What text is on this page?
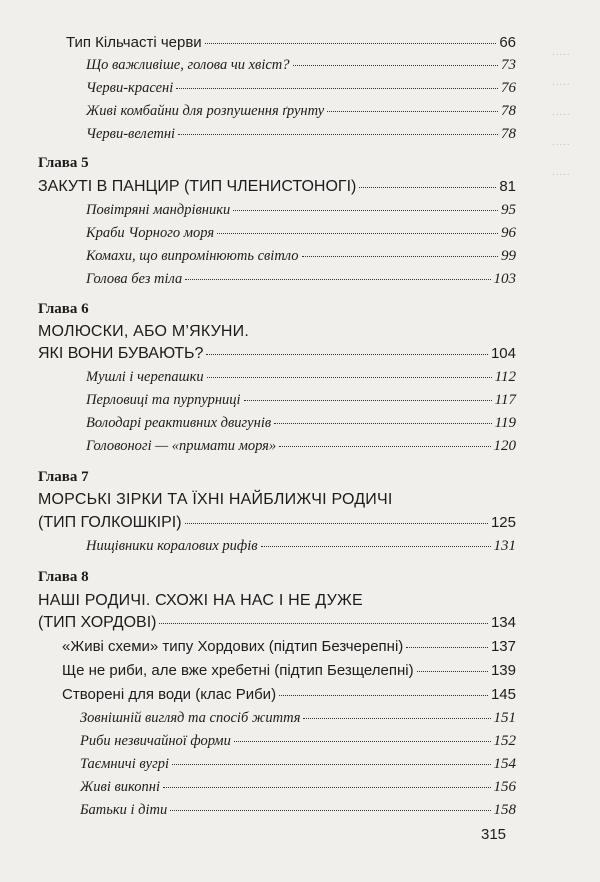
·····
·····
·····
·····
·····
Тип Кільчасті черви	66
Що важливіше, голова чи хвіст?	73
Черви-красені	76
Живі комбайни для розпушення ґрунту	78
Черви-велетні	78
Глава 5
ЗАКУТІ В ПАНЦИР (ТИП ЧЛЕНИСТОНОГІ)	81
Повітряні мандрівники	95
Краби Чорного моря	96
Комахи, що випромінюють світло	99
Голова без тіла	103
Глава 6
МОЛЮСКИ, АБО М’ЯКУНИ.
ЯКІ ВОНИ БУВАЮТЬ?	104
Мушлі і черепашки	112
Перловиці та пурпурниці	117
Володарі реактивних двигунів	119
Головоногі — «примати моря»	120
Глава 7
МОРСЬКІ ЗІРКИ ТА ЇХНІ НАЙБЛИЖЧІ РОДИЧІ
(ТИП ГОЛКОШКІРІ)	125
Нищівники коралових рифів	131
Глава 8
НАШІ РОДИЧІ. СХОЖІ НА НАС І НЕ ДУЖЕ
(ТИП ХОРДОВІ)	134
«Живі схеми» типу Хордових (підтип Безчерепні)	137
Ще не риби, але вже хребетні (підтип Безщелепні)	139
Створені для води (клас Риби)	145
Зовнішній вигляд та спосіб життя	151
Риби незвичайної форми	152
Таємничі вугрі	154
Живі викопні	156
Батьки і діти	158
315
